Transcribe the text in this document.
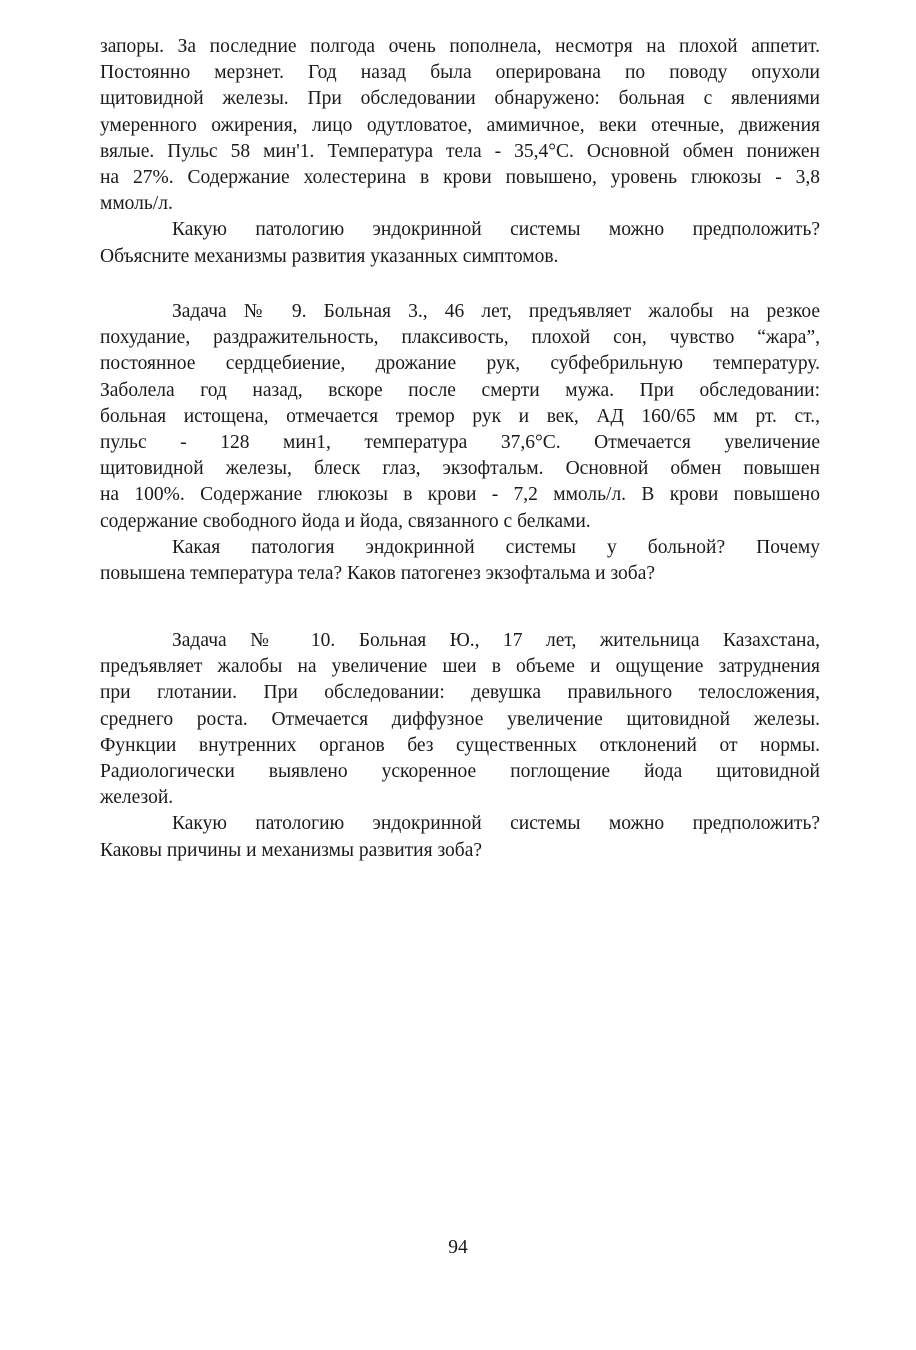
запоры. За последние полгода очень пополнела, несмотря на плохой аппетит.
Постоянно мерзнет. Год назад была оперирована по поводу опухоли
щитовидной железы. При обследовании обнаружено: больная с явлениями
умеренного ожирения, лицо одутловатое, амимичное, веки отечные, движения
вялые. Пульс 58 мин'1. Температура тела - 35,4°С. Основной обмен понижен
на 27%. Содержание холестерина в крови повышено, уровень глюкозы - 3,8
ммоль/л.
Какую патологию эндокринной системы можно предположить?
Объясните механизмы развития указанных симптомов.
Задача № 9. Больная 3., 46 лет, предъявляет жалобы на резкое
похудание, раздражительность, плаксивость, плохой сон, чувство “жара”,
постоянное сердцебиение, дрожание рук, субфебрильную температуру.
Заболела год назад, вскоре после смерти мужа. При обследовании:
больная истощена, отмечается тремор рук и век, АД 160/65 мм рт. ст.,
пульс - 128 мин1, температура 37,6°С. Отмечается увеличение
щитовидной железы, блеск глаз, экзофтальм. Основной обмен повышен
на 100%. Содержание глюкозы в крови - 7,2 ммоль/л. В крови повышено
содержание свободного йода и йода, связанного с белками.
Какая патология эндокринной системы у больной? Почему
повышена температура тела? Каков патогенез экзофтальма и зоба?
Задача № 10. Больная Ю., 17 лет, жительница Казахстана,
предъявляет жалобы на увеличение шеи в объеме и ощущение затруднения
при глотании. При обследовании: девушка правильного телосложения,
среднего роста. Отмечается диффузное увеличение щитовидной железы.
Функции внутренних органов без существенных отклонений от нормы.
Радиологически выявлено ускоренное поглощение йода щитовидной
железой.
Какую патологию эндокринной системы можно предположить?
Каковы причины и механизмы развития зоба?
94
